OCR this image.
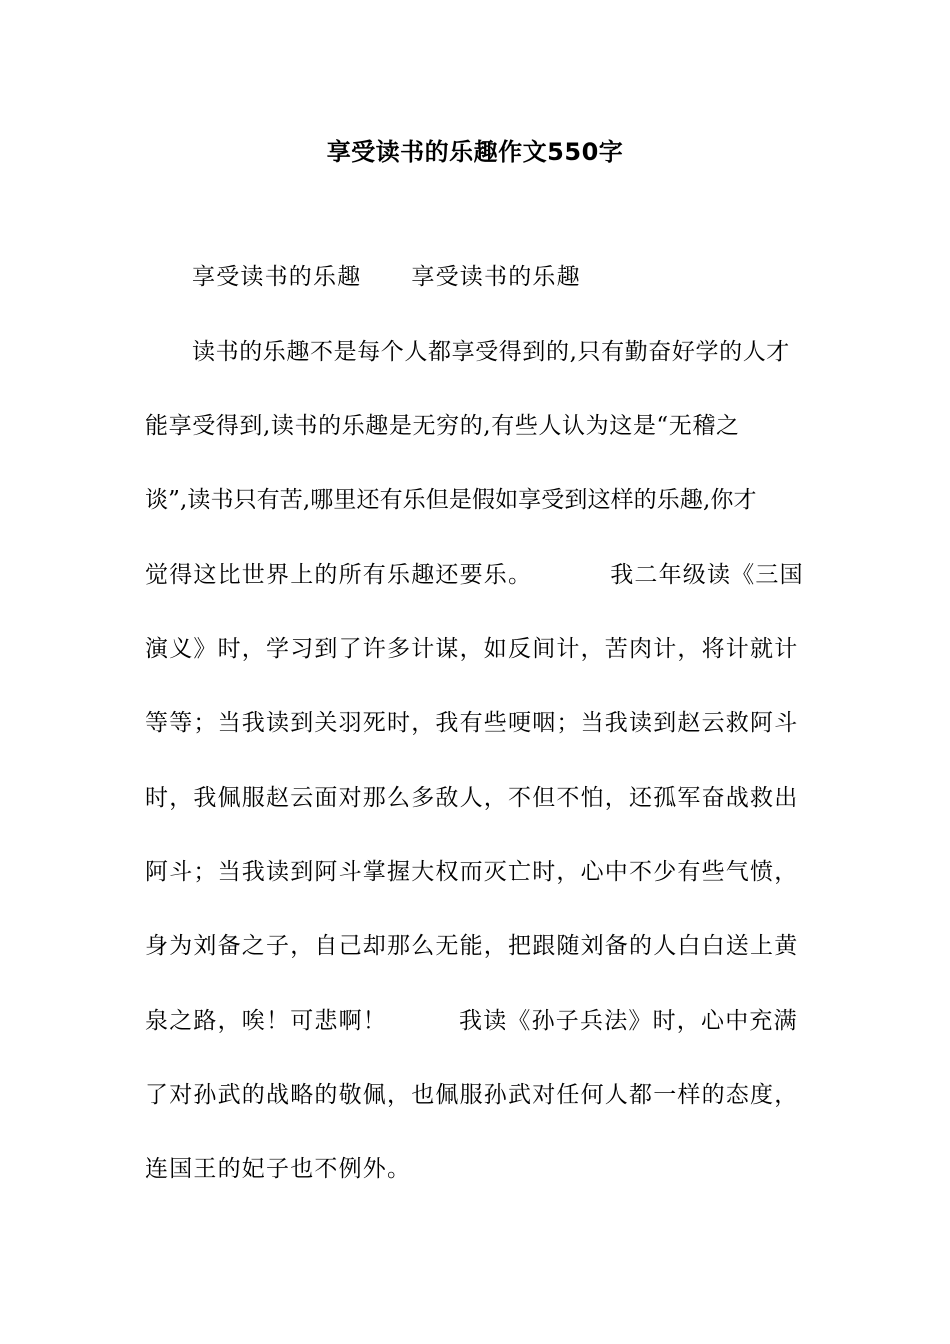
享受读书的乐趣作文550字
享受读书的乐趣 享受读书的乐趣
读书的乐趣不是每个人都享受得到的,只有勤奋好学的人才
能享受得到,读书的乐趣是无穷的,有些人认为这是“无稽之
谈”,读书只有苦,哪里还有乐但是假如享受到这样的乐趣,你才
觉得这比世界上的所有乐趣还要乐。	我二年级读《三国
演义》时，学习到了许多计谋，如反间计，苦肉计，将计就计
等等；当我读到关羽死时，我有些哽咽；当我读到赵云救阿斗
时，我佩服赵云面对那么多敌人，不但不怕，还孤军奋战救出
阿斗；当我读到阿斗掌握大权而灭亡时，心中不少有些气愤，
身为刘备之子，自己却那么无能，把跟随刘备的人白白送上黄
泉之路，唉！可悲啊！	我读《孙子兵法》时，心中充满
了对孙武的战略的敬佩，也佩服孙武对任何人都一样的态度，
连国王的妃子也不例外。
